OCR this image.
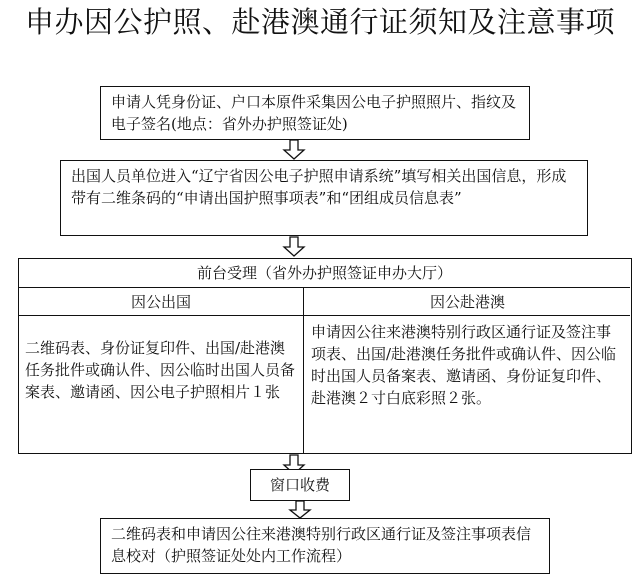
申办因公护照、赴港澳通行证须知及注意事项
申请人凭身份证、户口本原件采集因公电子护照照片、指纹及电子签名(地点：省外办护照签证处)
出国人员单位进入“辽宁省因公电子护照申请系统”填写相关出国信息，形成带有二维条码的“申请出国护照事项表”和“团组成员信息表”
前台受理（省外办护照签证申办大厅）
因公出国	因公赴港澳
二维码表、身份证复印件、出国/赴港澳任务批件或确认件、因公临时出国人员备案表、邀请函、因公电子护照相片１张
申请因公往来港澳特别行政区通行证及签注事项表、出国/赴港澳任务批件或确认件、因公临时出国人员备案表、邀请函、身份证复印件、赴港澳２寸白底彩照２张。
窗口收费
二维码表和申请因公往来港澳特别行政区通行证及签注事项表信息校对（护照签证处处内工作流程）
